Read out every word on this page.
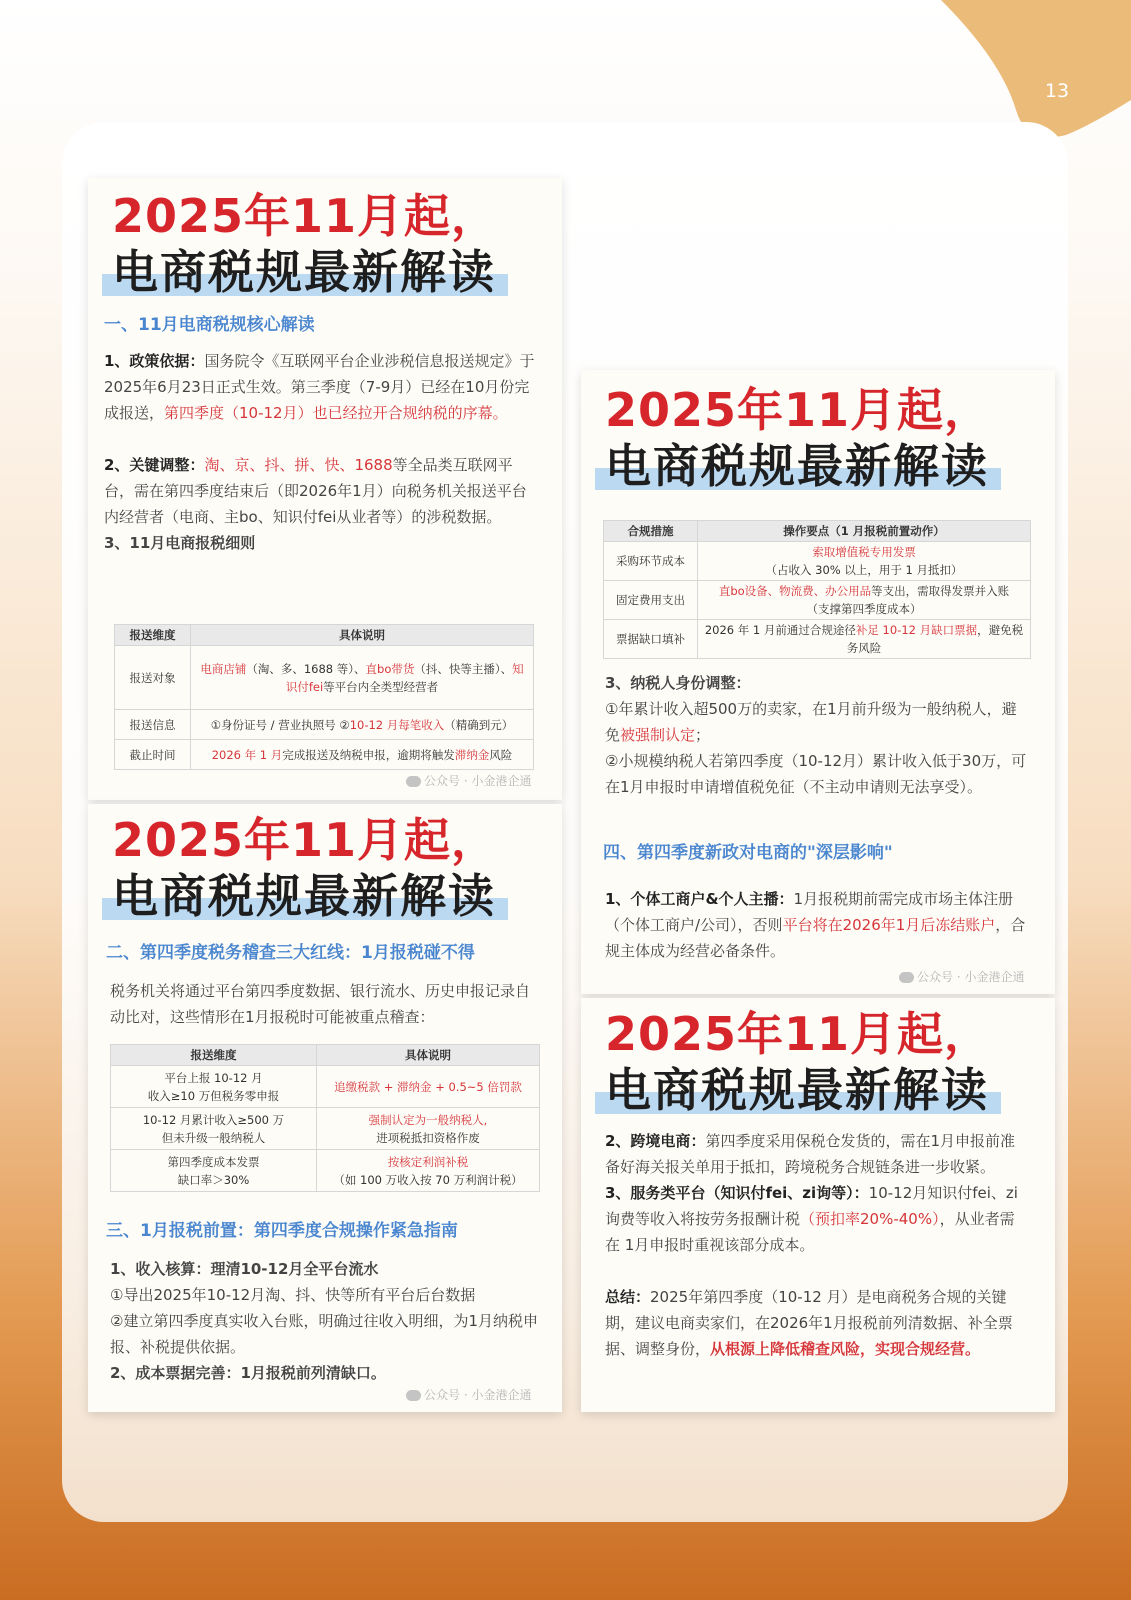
13
2025年11月起，
电商税规最新解读
一、11月电商税规核心解读

1、政策依据：国务院令《互联网平台企业涉税信息报送规定》于2025年6月23日正式生效。第三季度（7-9月）已经在10月份完成报送，第四季度（10-12月）也已经拉开合规纳税的序幕。

2、关键调整：淘、京、抖、拼、快、1688等全品类互联网平台，需在第四季度结束后（即2026年1月）向税务机关报送平台内经营者（电商、主bo、知识付fei从业者等）的涉税数据。

3、11月电商报税细则

报送维度	具体说明
报送对象	电商店铺（淘、多、1688 等）、直bo带货（抖、快等主播）、知识付fei等平台内全类型经营者
报送信息	①身份证号 / 营业执照号 ②10-12 月每笔收入（精确到元）
截止时间	2026 年 1 月完成报送及纳税申报，逾期将触发滞纳金风险
公众号 · 小金港企通
2025年11月起，
电商税规最新解读
二、第四季度税务稽查三大红线：1月报税碰不得

税务机关将通过平台第四季度数据、银行流水、历史申报记录自动比对，这些情形在1月报税时可能被重点稽查：

报送维度	具体说明
平台上报 10-12 月
收入≥10 万但税务零申报	追缴税款 + 滞纳金 + 0.5~5 倍罚款
10-12 月累计收入≥500 万
但未升级一般纳税人	强制认定为一般纳税人,
进项税抵扣资格作废
第四季度成本发票
缺口率＞30%	按核定利润补税
（如 100 万收入按 70 万利润计税）
三、1月报税前置：第四季度合规操作紧急指南

1、收入核算：理清10-12月全平台流水

①导出2025年10-12月淘、抖、快等所有平台后台数据

②建立第四季度真实收入台账，明确过往收入明细，为1月纳税申报、补税提供依据。

2、成本票据完善：1月报税前列清缺口。

公众号 · 小金港企通
2025年11月起，
电商税规最新解读
合规措施	操作要点（1 月报税前置动作）
采购环节成本	索取增值税专用发票
（占收入 30% 以上，用于 1 月抵扣）
固定费用支出	直bo设备、物流费、办公用品等支出，需取得发票并入账
（支撑第四季度成本）
票据缺口填补	2026 年 1 月前通过合规途径补足 10-12 月缺口票据，避免税务风险

3、纳税人身份调整：

①年累计收入超500万的卖家，在1月前升级为一般纳税人，避免被强制认定；

②小规模纳税人若第四季度（10-12月）累计收入低于30万，可在1月申报时申请增值税免征（不主动申请则无法享受）。

四、第四季度新政对电商的"深层影响"

1、个体工商户&个人主播：1月报税期前需完成市场主体注册（个体工商户/公司），否则平台将在2026年1月后冻结账户，合规主体成为经营必备条件。

公众号 · 小金港企通
2025年11月起，
电商税规最新解读

2、跨境电商：第四季度采用保税仓发货的，需在1月申报前准备好海关报关单用于抵扣，跨境税务合规链条进一步收紧。

3、服务类平台（知识付fei、zi询等）：10-12月知识付fei、zi询费等收入将按劳务报酬计税（预扣率20%-40%），从业者需在 1月申报时重视该部分成本。

总结：2025年第四季度（10-12 月）是电商税务合规的关键期，建议电商卖家们，在2026年1月报税前列清数据、补全票据、调整身份，从根源上降低稽查风险，实现合规经营。
